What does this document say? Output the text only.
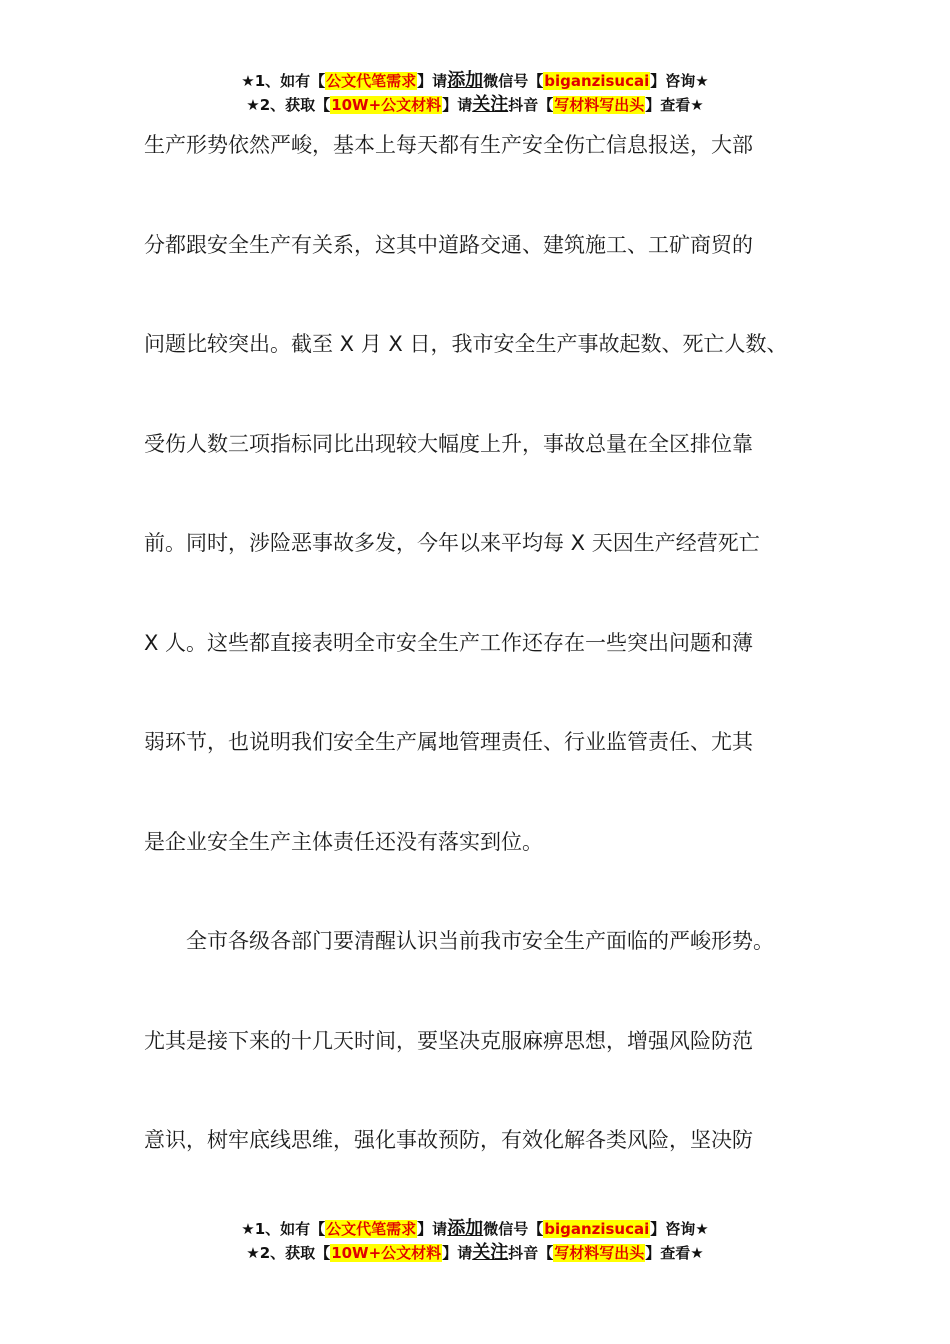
★1、如有【公文代笔需求】请添加微信号【biganzisucai】咨询★
★2、获取【10W+公文材料】请关注抖音【写材料写出头】查看★
生产形势依然严峻，基本上每天都有生产安全伤亡信息报送，大部
分都跟安全生产有关系，这其中道路交通、建筑施工、工矿商贸的
问题比较突出。截至 X 月 X 日，我市安全生产事故起数、死亡人数、
受伤人数三项指标同比出现较大幅度上升，事故总量在全区排位靠
前。同时，涉险恶事故多发，今年以来平均每 X 天因生产经营死亡
X 人。这些都直接表明全市安全生产工作还存在一些突出问题和薄
弱环节，也说明我们安全生产属地管理责任、行业监管责任、尤其
是企业安全生产主体责任还没有落实到位。
全市各级各部门要清醒认识当前我市安全生产面临的严峻形势。
尤其是接下来的十几天时间，要坚决克服麻痹思想，增强风险防范
意识，树牢底线思维，强化事故预防，有效化解各类风险，坚决防
★1、如有【公文代笔需求】请添加微信号【biganzisucai】咨询★
★2、获取【10W+公文材料】请关注抖音【写材料写出头】查看★
